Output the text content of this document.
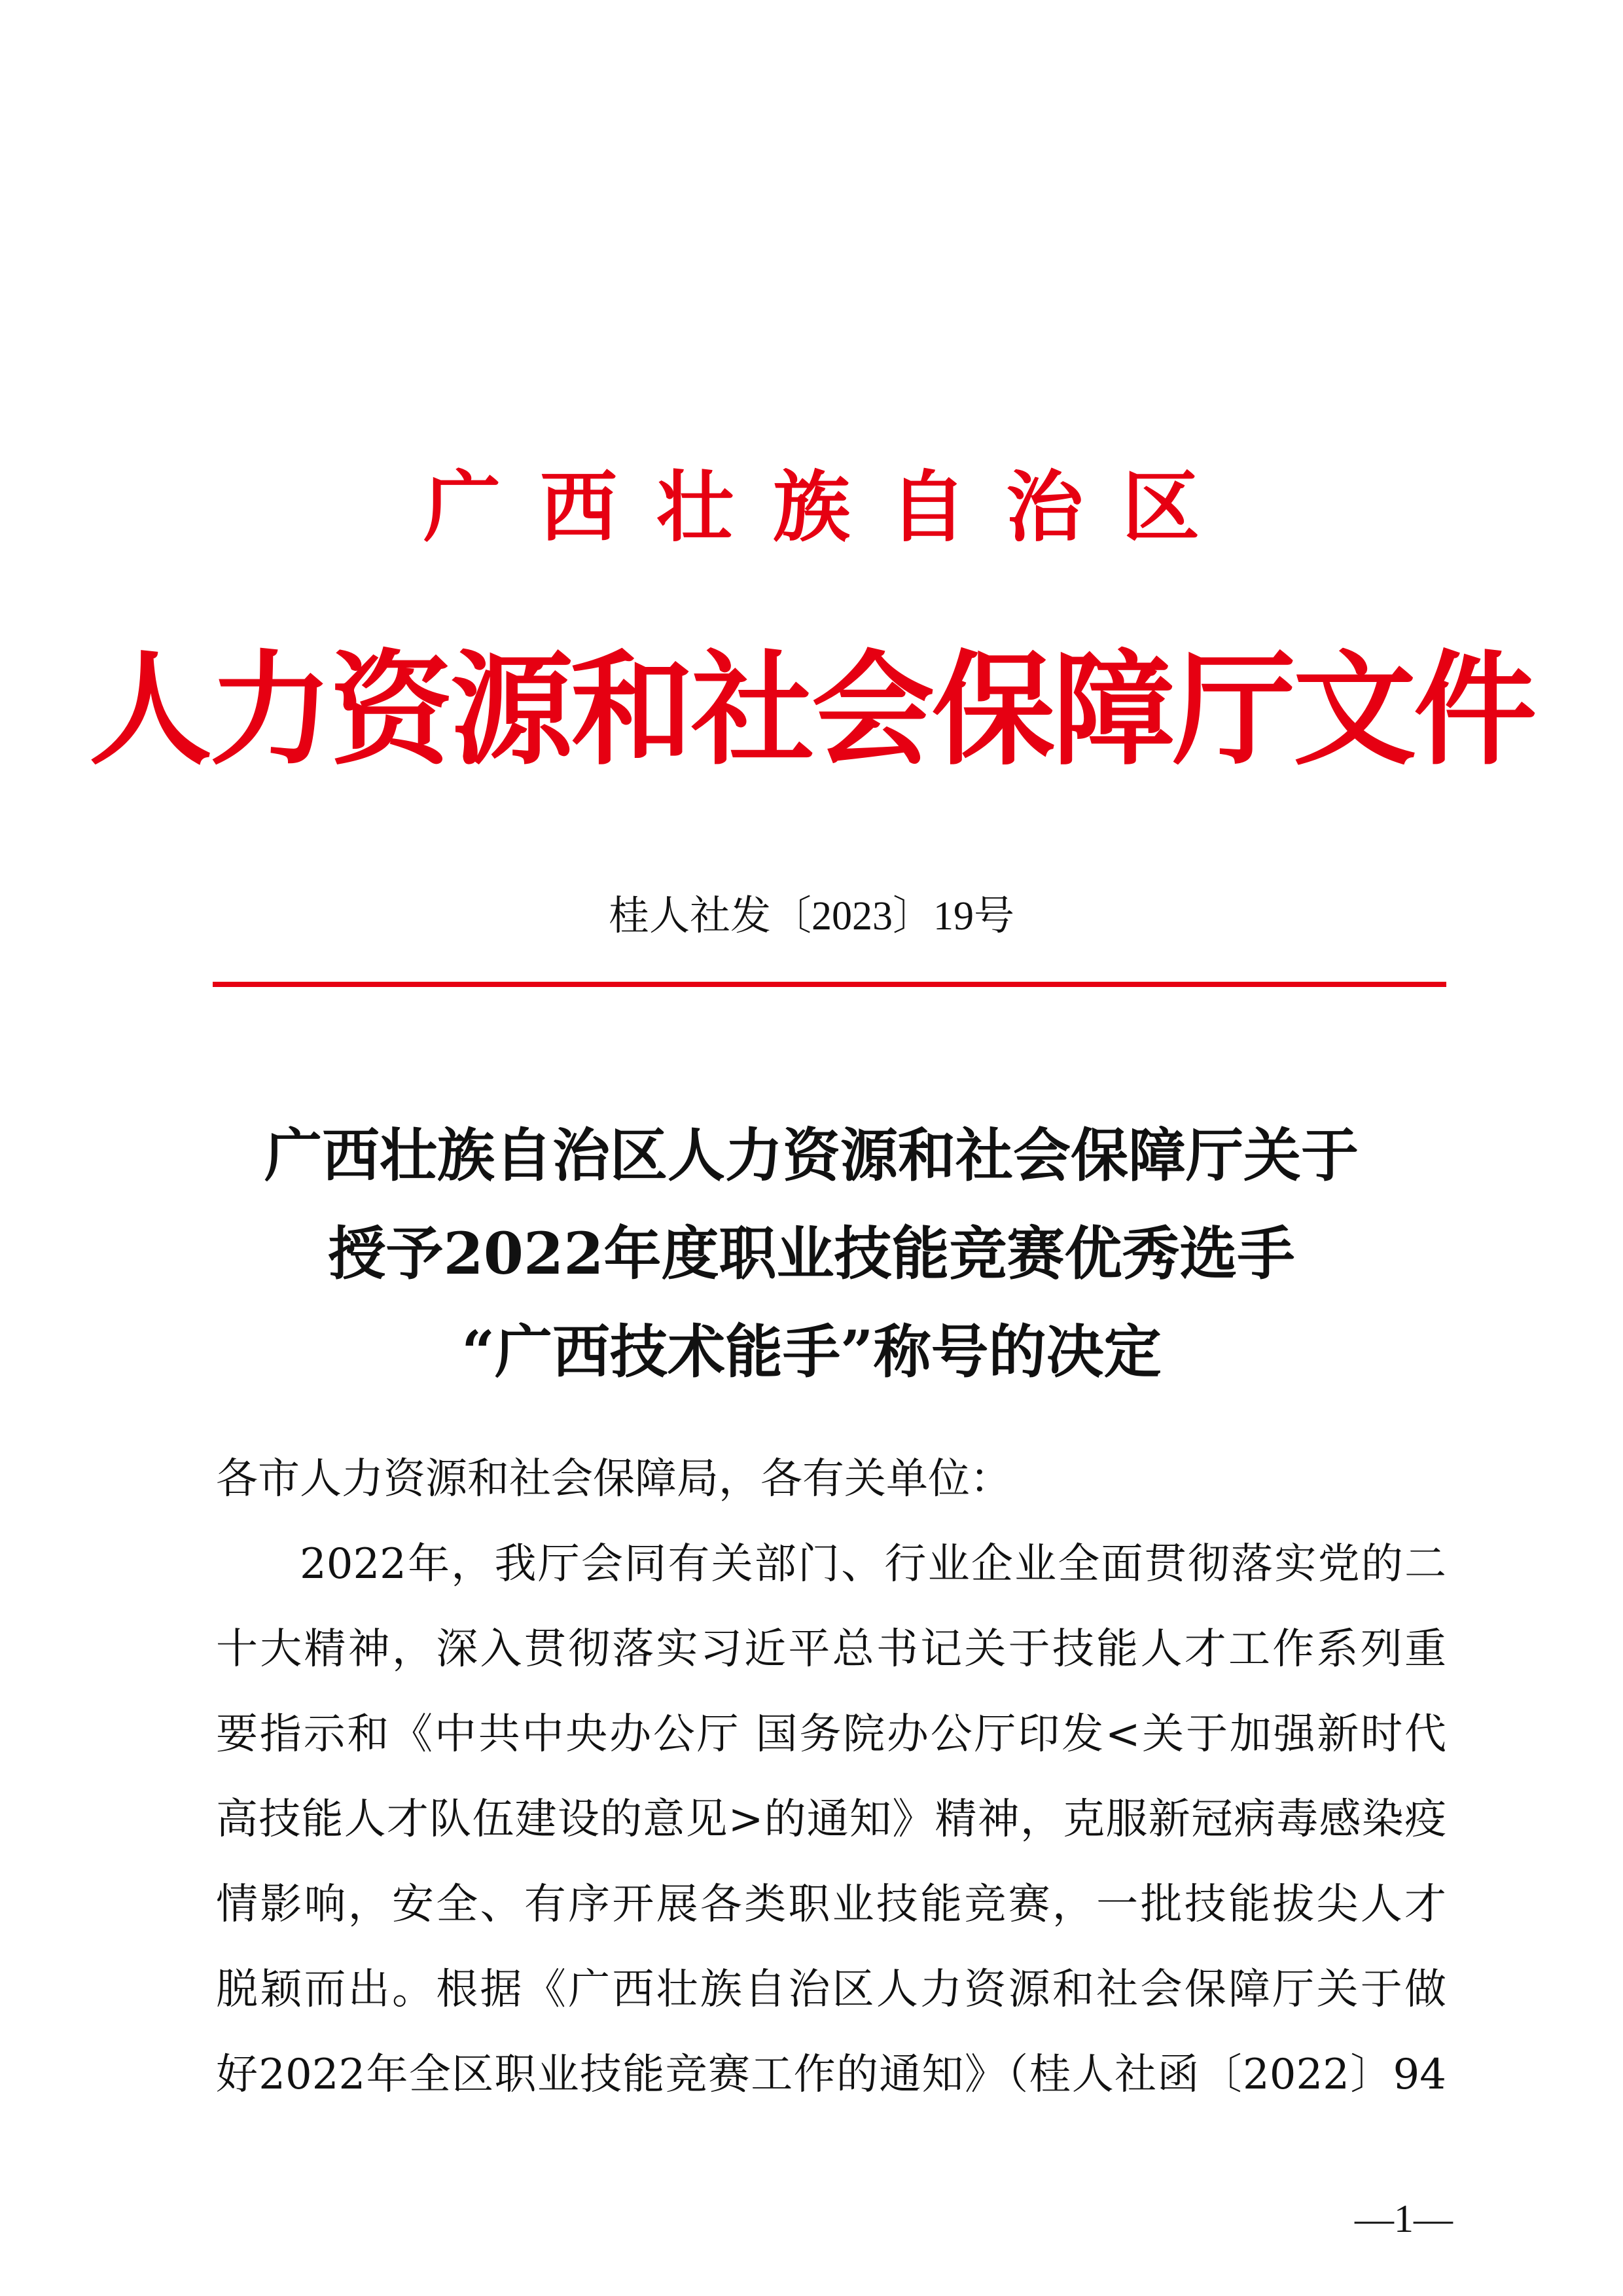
广西壮族自治区
人力资源和社会保障厅文件
桂人社发〔2023〕19号
广西壮族自治区人力资源和社会保障厅关于
授予2022年度职业技能竞赛优秀选手
“广西技术能手”称号的决定
各市人力资源和社会保障局，各有关单位：
2022年，我厅会同有关部门、行业企业全面贯彻落实党的二
十大精神，深入贯彻落实习近平总书记关于技能人才工作系列重
要指示和《中共中央办公厅 国务院办公厅印发<关于加强新时代
高技能人才队伍建设的意见>的通知》精神，克服新冠病毒感染疫
情影响，安全、有序开展各类职业技能竞赛，一批技能拔尖人才
脱颖而出。根据《广西壮族自治区人力资源和社会保障厅关于做
好2022年全区职业技能竞赛工作的通知》（桂人社函〔2022〕94
—1—
